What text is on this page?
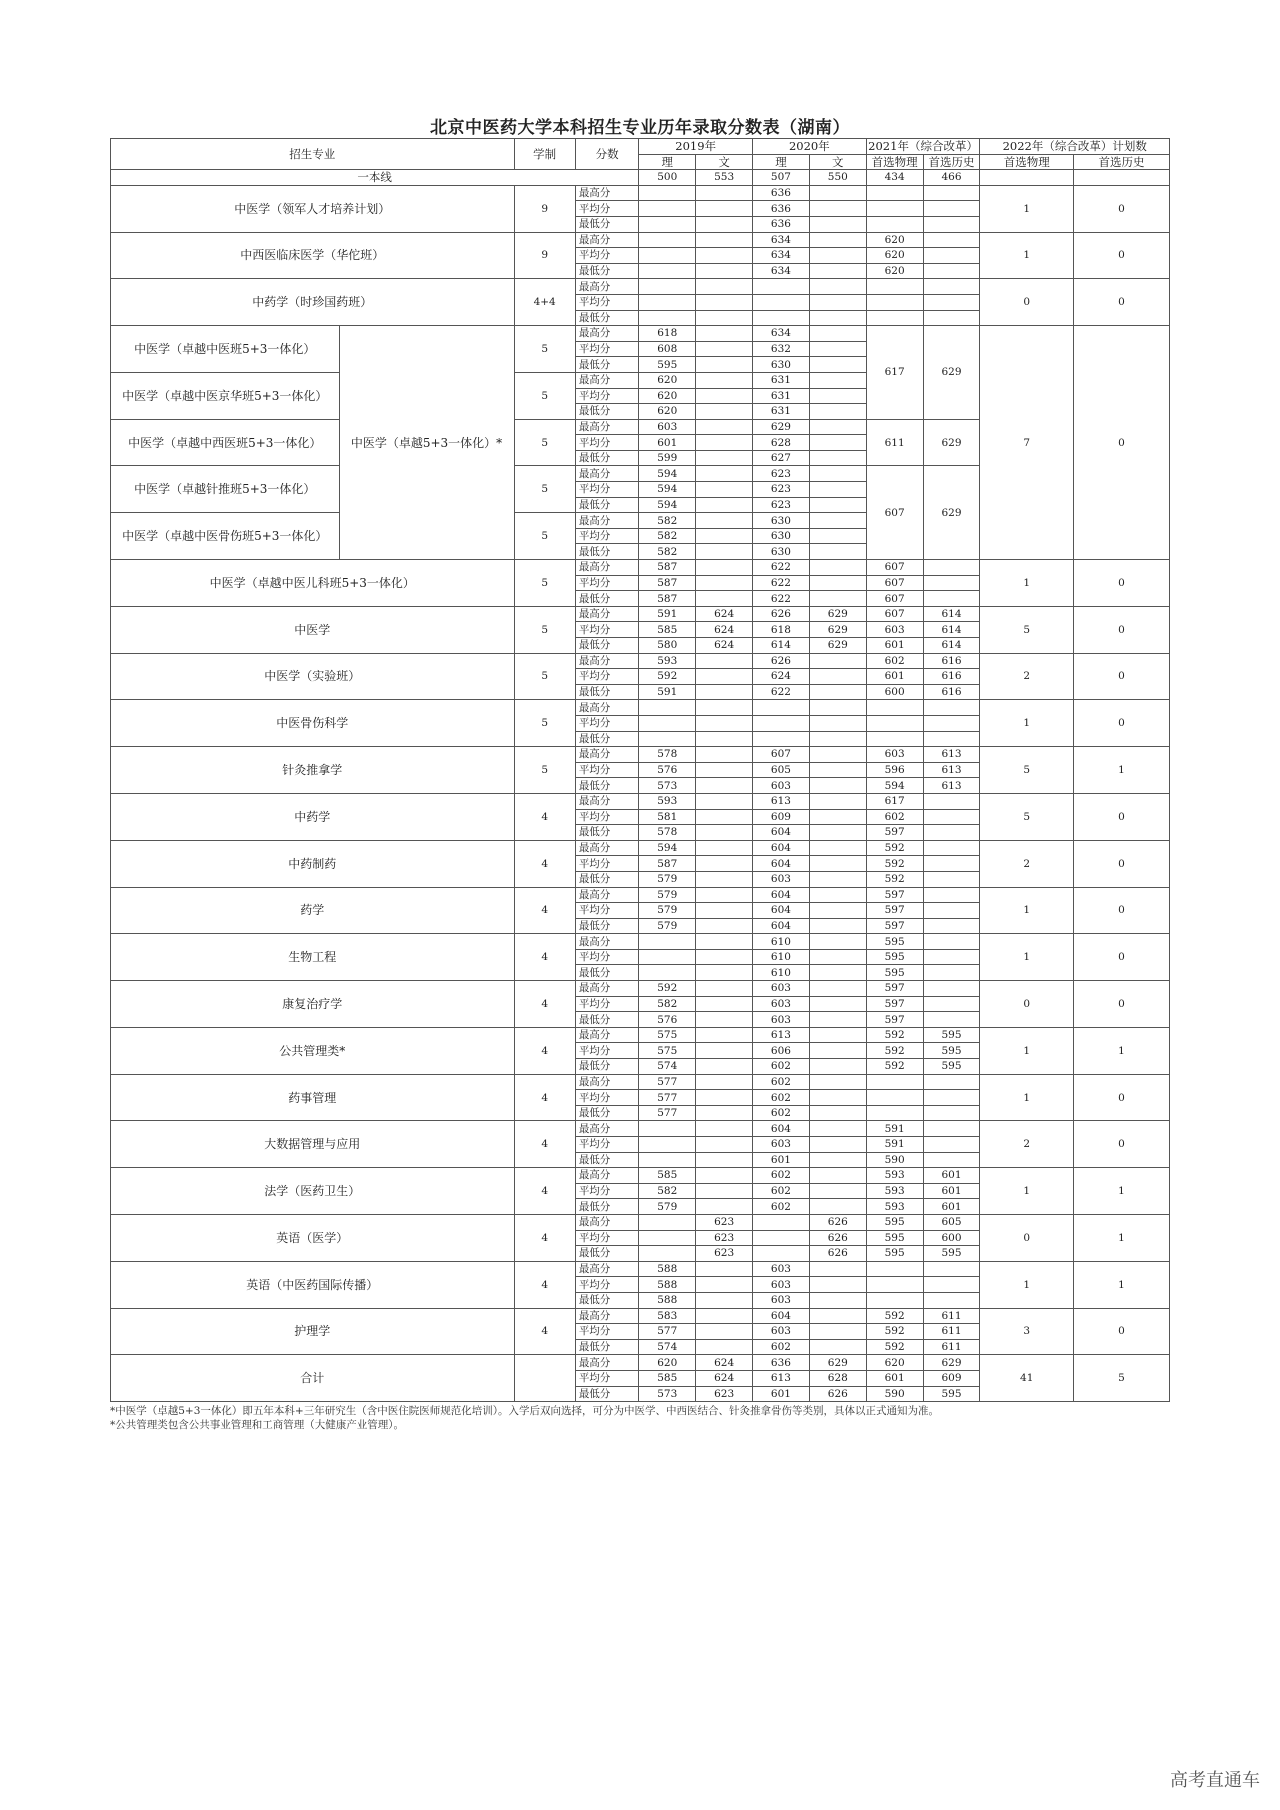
北京中医药大学本科招生专业历年录取分数表（湖南）
招生专业		学制	分数	2019年		2020年		2021年（综合改革）		2022年（综合改革）计划数	
				理	文	理	文	首选物理	首选历史	首选物理	首选历史
一本线				500	553	507	550	434	466		
中医学（领军人才培养计划）		9	最高分			636				1	0
			平均分			636					
			最低分			636					
中西医临床医学（华佗班）		9	最高分			634		620		1	0
			平均分			634		620			
			最低分			634		620			
中药学（时珍国药班）		4+4	最高分							0	0
			平均分								
			最低分								
中医学（卓越中医班5+3一体化）	中医学（卓越5+3一体化）*	5	最高分	618		634		617	629	7	0
			平均分	608		632					
			最低分	595		630					
中医学（卓越中医京华班5+3一体化）		5	最高分	620		631					
			平均分	620		631					
			最低分	620		631					
中医学（卓越中西医班5+3一体化）		5	最高分	603		629		611	629		
			平均分	601		628					
			最低分	599		627					
中医学（卓越针推班5+3一体化）		5	最高分	594		623		607	629		
			平均分	594		623					
			最低分	594		623					
中医学（卓越中医骨伤班5+3一体化）		5	最高分	582		630					
			平均分	582		630					
			最低分	582		630					
中医学（卓越中医儿科班5+3一体化）		5	最高分	587		622		607		1	0
			平均分	587		622		607			
			最低分	587		622		607			
中医学		5	最高分	591	624	626	629	607	614	5	0
			平均分	585	624	618	629	603	614		
			最低分	580	624	614	629	601	614		
中医学（实验班）		5	最高分	593		626		602	616	2	0
			平均分	592		624		601	616		
			最低分	591		622		600	616		
中医骨伤科学		5	最高分							1	0
			平均分								
			最低分								
针灸推拿学		5	最高分	578		607		603	613	5	1
			平均分	576		605		596	613		
			最低分	573		603		594	613		
中药学		4	最高分	593		613		617		5	0
			平均分	581		609		602			
			最低分	578		604		597			
中药制药		4	最高分	594		604		592		2	0
			平均分	587		604		592			
			最低分	579		603		592			
药学		4	最高分	579		604		597		1	0
			平均分	579		604		597			
			最低分	579		604		597			
生物工程		4	最高分			610		595		1	0
			平均分			610		595			
			最低分			610		595			
康复治疗学		4	最高分	592		603		597		0	0
			平均分	582		603		597			
			最低分	576		603		597			
公共管理类*		4	最高分	575		613		592	595	1	1
			平均分	575		606		592	595		
			最低分	574		602		592	595		
药事管理		4	最高分	577		602				1	0
			平均分	577		602					
			最低分	577		602					
大数据管理与应用		4	最高分			604		591		2	0
			平均分			603		591			
			最低分			601		590			
法学（医药卫生）		4	最高分	585		602		593	601	1	1
			平均分	582		602		593	601		
			最低分	579		602		593	601		
英语（医学）		4	最高分		623		626	595	605	0	1
			平均分		623		626	595	600		
			最低分		623		626	595	595		
英语（中医药国际传播）		4	最高分	588		603				1	1
			平均分	588		603					
			最低分	588		603					
护理学		4	最高分	583		604		592	611	3	0
			平均分	577		603		592	611		
			最低分	574		602		592	611		
合计			最高分	620	624	636	629	620	629	41	5
			平均分	585	624	613	628	601	609		
			最低分	573	623	601	626	590	595		
*中医学（卓越5+3一体化）即五年本科+三年研究生（含中医住院医师规范化培训）。入学后双向选择，可分为中医学、中西医结合、针灸推拿骨伤等类别，具体以正式通知为准。
*公共管理类包含公共事业管理和工商管理（大健康产业管理）。
高考直通车
